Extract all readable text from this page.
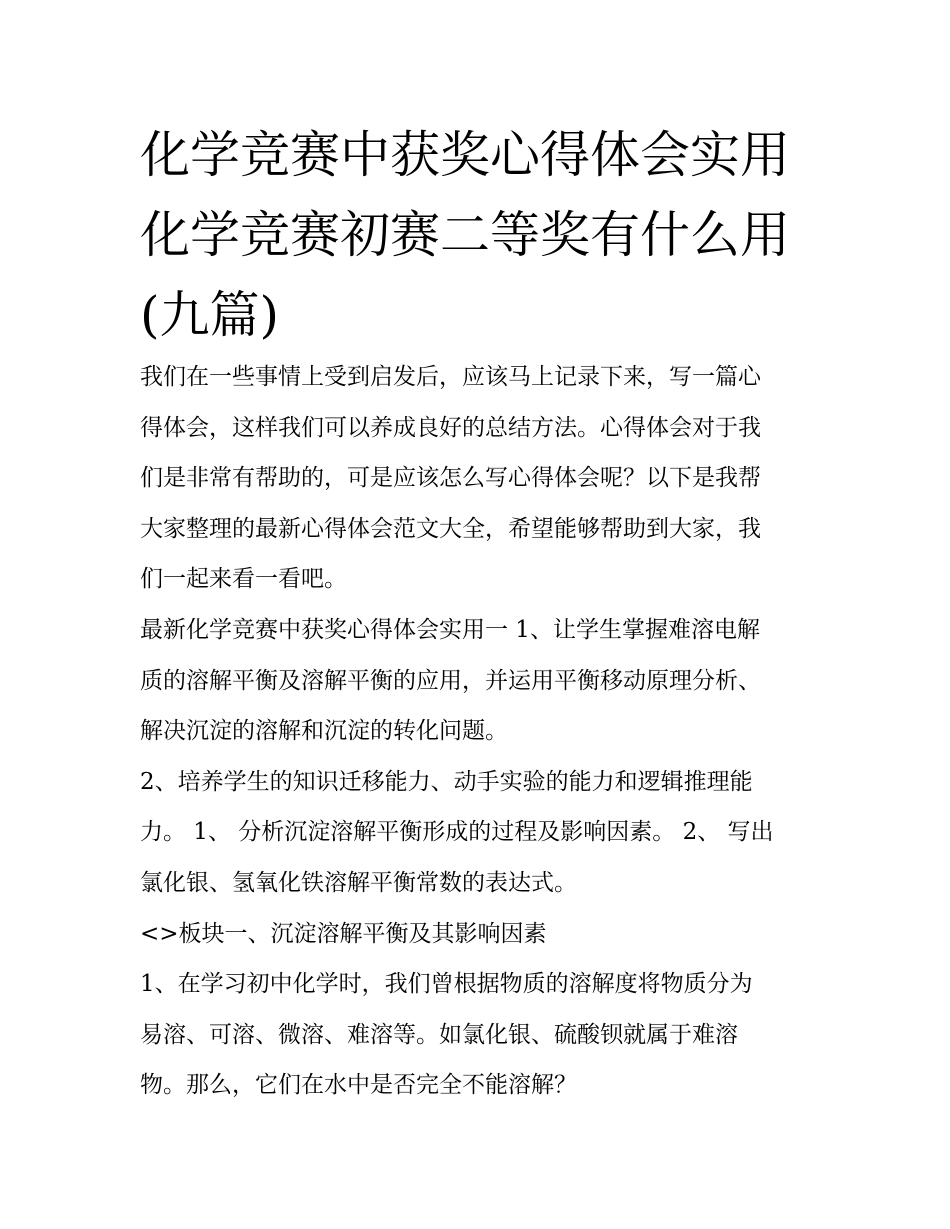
化学竞赛中获奖心得体会实用
化学竞赛初赛二等奖有什么用
(九篇)

我们在一些事情上受到启发后，应该马上记录下来，写一篇心
得体会，这样我们可以养成良好的总结方法。心得体会对于我
们是非常有帮助的，可是应该怎么写心得体会呢？以下是我帮
大家整理的最新心得体会范文大全，希望能够帮助到大家，我
们一起来看一看吧。

最新化学竞赛中获奖心得体会实用一 1、让学生掌握难溶电解
质的溶解平衡及溶解平衡的应用，并运用平衡移动原理分析、
解决沉淀的溶解和沉淀的转化问题。

2、培养学生的知识迁移能力、动手实验的能力和逻辑推理能
力。 1、 分析沉淀溶解平衡形成的过程及影响因素。 2、 写出
氯化银、氢氧化铁溶解平衡常数的表达式。

<>板块一、沉淀溶解平衡及其影响因素

1、在学习初中化学时，我们曾根据物质的溶解度将物质分为
易溶、可溶、微溶、难溶等。如氯化银、硫酸钡就属于难溶
物。那么，它们在水中是否完全不能溶解？
